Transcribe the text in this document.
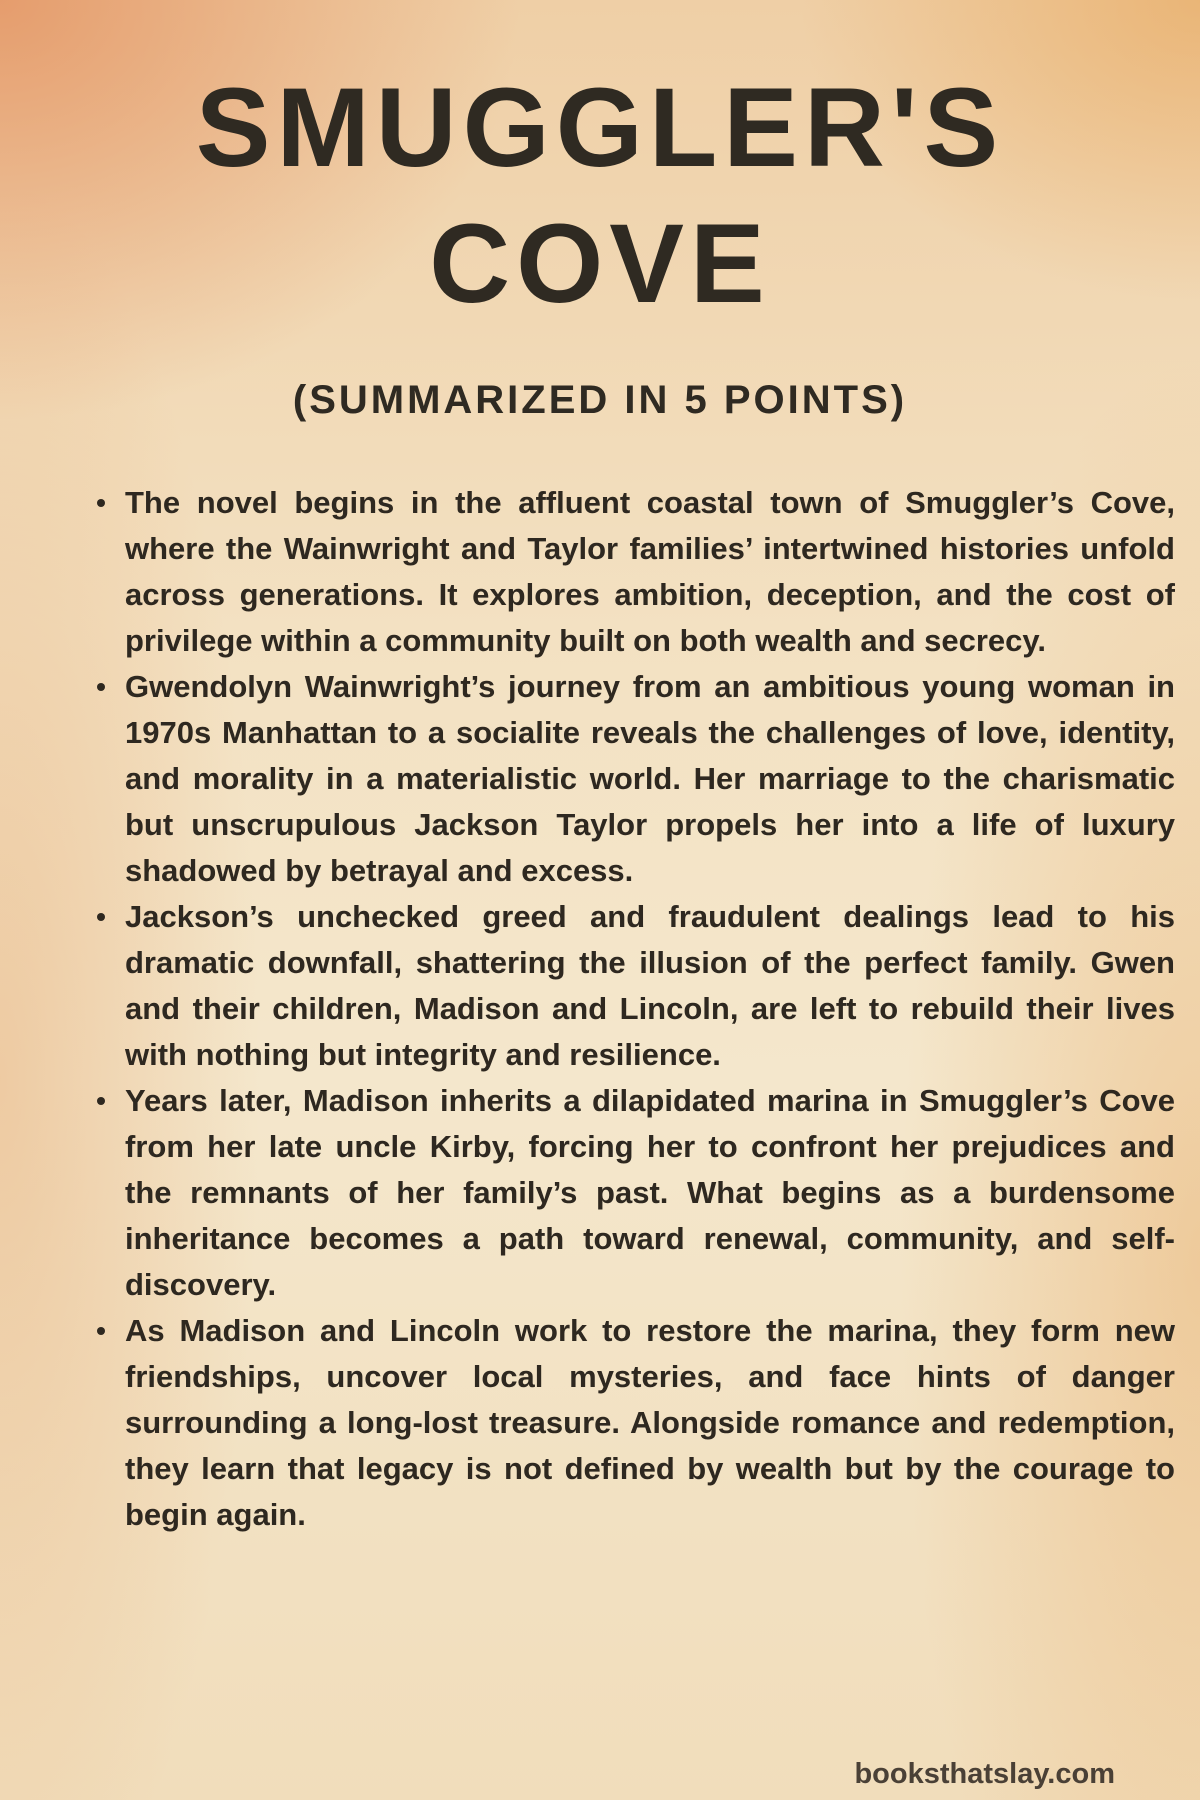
SMUGGLER'S
COVE
(SUMMARIZED IN 5 POINTS)
The novel begins in the affluent coastal town of Smuggler’s Cove, where the Wainwright and Taylor families’ intertwined histories unfold across generations. It explores ambition, deception, and the cost of privilege within a community built on both wealth and secrecy.
Gwendolyn Wainwright’s journey from an ambitious young woman in 1970s Manhattan to a socialite reveals the challenges of love, identity, and morality in a materialistic world. Her marriage to the charismatic but unscrupulous Jackson Taylor propels her into a life of luxury shadowed by betrayal and excess.
Jackson’s unchecked greed and fraudulent dealings lead to his dramatic downfall, shattering the illusion of the perfect family. Gwen and their children, Madison and Lincoln, are left to rebuild their lives with nothing but integrity and resilience.
Years later, Madison inherits a dilapidated marina in Smuggler’s Cove from her late uncle Kirby, forcing her to confront her prejudices and the remnants of her family’s past. What begins as a burdensome inheritance becomes a path toward renewal, community, and self-discovery.
As Madison and Lincoln work to restore the marina, they form new friendships, uncover local mysteries, and face hints of danger surrounding a long-lost treasure. Alongside romance and redemption, they learn that legacy is not defined by wealth but by the courage to begin again.
booksthatslay.com
